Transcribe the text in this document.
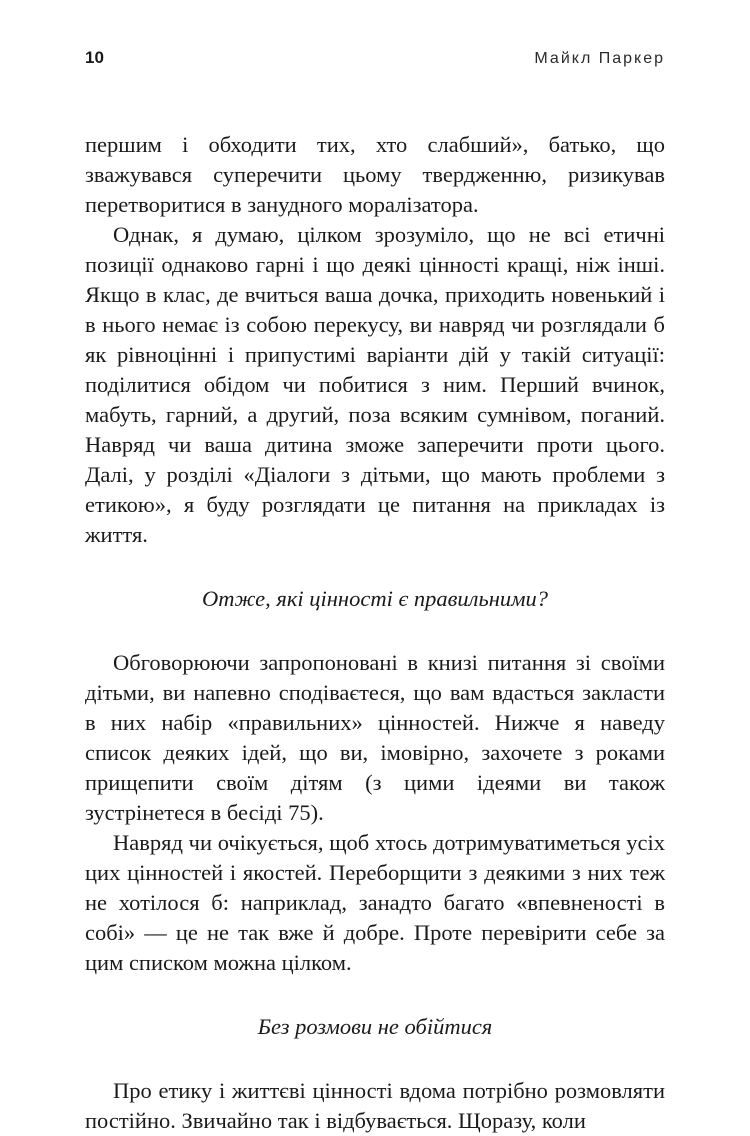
10	Майкл Паркер

першим і обходити тих, хто слабший», батько, що зважувався суперечити цьому твердженню, ризикував перетворитися в занудного моралізатора.

Однак, я думаю, цілком зрозуміло, що не всі етичні позиції однаково гарні і що деякі цінності кращі, ніж інші. Якщо в клас, де вчиться ваша дочка, приходить новенький і в нього немає із собою перекусу, ви навряд чи розглядали б як рівноцінні і припустимі варіанти дій у такій ситуації: поділитися обідом чи побитися з ним. Перший вчинок, мабуть, гарний, а другий, поза всяким сумнівом, поганий. Навряд чи ваша дитина зможе заперечити проти цього. Далі, у розділі «Діалоги з дітьми, що мають проблеми з етикою», я буду розглядати це питання на прикладах із життя.

Отже, які цінності є правильними?

Обговорюючи запропоновані в книзі питання зі своїми дітьми, ви напевно сподіваєтеся, що вам вдасться закласти в них набір «правильних» цінностей. Нижче я наведу список деяких ідей, що ви, імовірно, захочете з роками прищепити своїм дітям (з цими ідеями ви також зустрінетеся в бесіді 75).

Навряд чи очікується, щоб хтось дотримуватиметься усіх цих цінностей і якостей. Переборщити з деякими з них теж не хотілося б: наприклад, занадто багато «впевненості в собі» — це не так вже й добре. Проте перевірити себе за цим списком можна цілком.

Без розмови не обійтися

Про етику і життєві цінності вдома потрібно розмовляти постійно. Звичайно так і відбувається. Щоразу, коли
